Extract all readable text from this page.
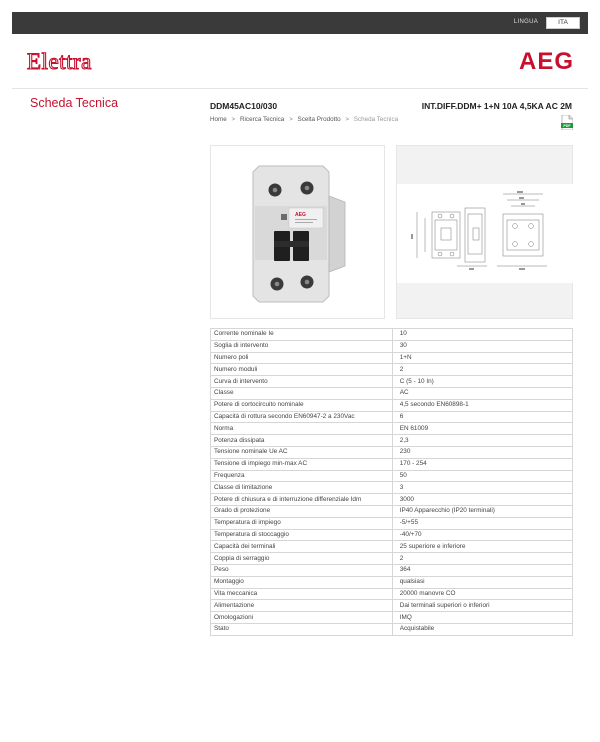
LINGUA	ITA
Elettra	AEG
Scheda Tecnica	DDM45AC10/030	INT.DIFF.DDM+ 1+N 10A 4,5KA AC 2M
Home > Ricerca Tecnica > Scelta Prodotto > Scheda Tecnica
PDF
AEG
Corrente nominale Ie	10
Soglia di intervento	30
Numero poli	1+N
Numero moduli	2
Curva di intervento	C (5 - 10 In)
Classe	AC
Potere di cortocircuito nominale	4,5 secondo EN60898-1
Capacità di rottura secondo EN60947-2 a 230Vac	6
Norma	EN 61009
Potenza dissipata	2,3
Tensione nominale Ue AC	230
Tensione di impiego min-max AC	170 - 254
Frequenza	50
Classe di limitazione	3
Potere di chiusura e di interruzione differenziale Idm	3000
Grado di protezione	IP40 Apparecchio (IP20 terminali)
Temperatura di impiego	-5/+55
Temperatura di stoccaggio	-40/+70
Capacità dei terminali	25 superiore e inferiore
Coppia di serraggio	2
Peso	364
Montaggio	qualsiasi
Vita meccanica	20000 manovre CO
Alimentazione	Dai terminali superiori o inferiori
Omologazioni	IMQ
Stato	Acquistabile
